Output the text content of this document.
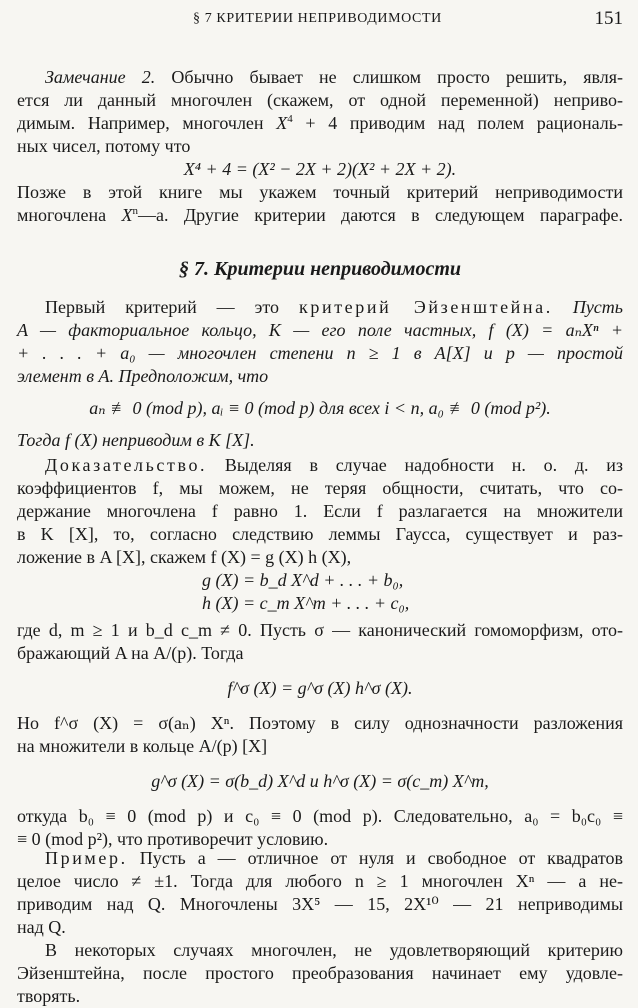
§ 7 КРИТЕРИИ НЕПРИВОДИМОСТИ	151
Замечание 2. Обычно бывает не слишком просто решить, явля-
ется ли данный многочлен (скажем, от одной переменной) неприво-
димым. Например, многочлен $X^4 + 4$ приводим над полем рациональ-
ных чисел, потому что
X⁴ + 4 = (X² − 2X + 2)(X² + 2X + 2).
Позже в этой книге мы укажем точный критерий неприводимости
многочлена $X^n—a$. Другие критерии даются в следующем параграфе.
§ 7. Критерии неприводимости
Первый критерий — это критерий Эйзенштейна. Пусть
A — факториальное кольцо, K — его поле частных, f (X) = aₙXⁿ +
+ . . . + a₀ — многочлен степени n ≥ 1 в A[X] и p — простой
элемент в A. Предположим, что
aₙ ≢ 0 (mod p), aᵢ ≡ 0 (mod p) для всех i < n, a₀ ≢ 0 (mod p²).
Тогда f (X) неприводим в K [X].
Доказательство. Выделяя в случае надобности н. о. д. из
коэффициентов f, мы можем, не теряя общности, считать, что со-
держание многочлена f равно 1. Если f разлагается на множители
в K [X], то, согласно следствию леммы Гаусса, существует и раз-
ложение в A [X], скажем f (X) = g (X) h (X),
g (X) = b_d X^d + . . . + b₀,
h (X) = c_m X^m + . . . + c₀,
где d, m ≥ 1 и b_d c_m ≠ 0. Пусть σ — канонический гомоморфизм, ото-
бражающий A на A/(p). Тогда
f^σ (X) = g^σ (X) h^σ (X).
Но f^σ (X) = σ(aₙ) Xⁿ. Поэтому в силу однозначности разложения
на множители в кольце A/(p) [X]
g^σ (X) = σ(b_d) X^d и h^σ (X) = σ(c_m) X^m,
откуда b₀ ≡ 0 (mod p) и c₀ ≡ 0 (mod p). Следовательно, a₀ = b₀c₀ ≡
≡ 0 (mod p²), что противоречит условию.
Пример. Пусть a — отличное от нуля и свободное от квадратов
целое число ≠ ±1. Тогда для любого n ≥ 1 многочлен Xⁿ — a не-
приводим над Q. Многочлены 3X⁵ — 15, 2X¹⁰ — 21 неприводимы
над Q.
В некоторых случаях многочлен, не удовлетворяющий критерию
Эйзенштейна, после простого преобразования начинает ему удовле-
творять.
